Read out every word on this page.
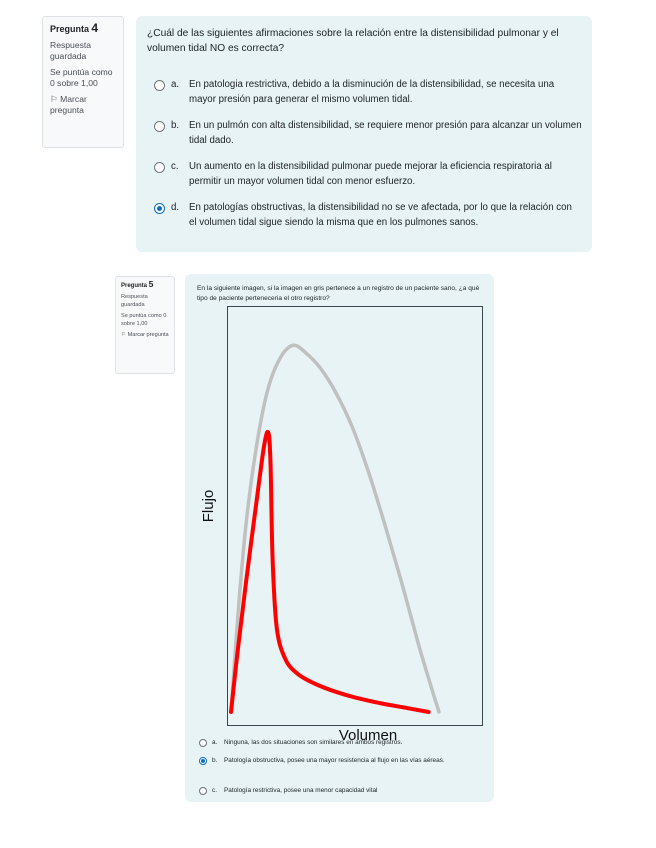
Pregunta 4
Respuesta guardada
Se puntúa como 0 sobre 1,00
⚐ Marcar pregunta
¿Cuál de las siguientes afirmaciones sobre la relación entre la distensibilidad pulmonar y el volumen tidal NO es correcta?
a.	En patologia restrictiva, debido a la disminución de la distensibilidad, se necesita una mayor presión para generar el mismo volumen tidal.
b.	En un pulmón con alta distensibilidad, se requiere menor presión para alcanzar un volumen tidal dado.
c.	Un aumento en la distensibilidad pulmonar puede mejorar la eficiencia respiratoria al permitir un mayor volumen tidal con menor esfuerzo.
d.	En patologías obstructivas, la distensibilidad no se ve afectada, por lo que la relación con el volumen tidal sigue siendo la misma que en los pulmones sanos.
Pregunta 5
Respuesta guardada
Se puntúa como 0 sobre 1,00
⚐ Marcar pregunta
En la siguiente imagen, si la imagen en gris pertenece a un registro de un paciente sano, ¿a qué tipo de paciente perteneceria el otro registro?
Flujo
Volumen
a.	Ninguna, las dos situaciones son similares en ambos registros.
b.	Patología obstructiva, posee una mayor resistencia al flujo en las vías aéreas.
c.	Patología restrictiva, posee una menor capacidad vital
